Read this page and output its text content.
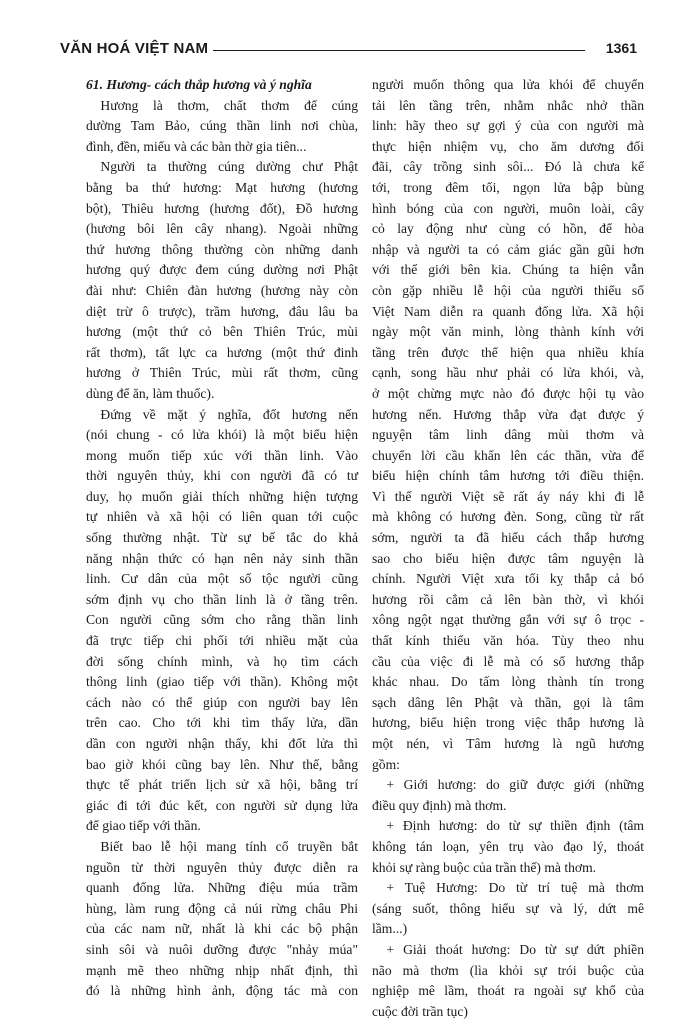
VĂN HOÁ VIỆT NAM	1361
61. Hương- cách thắp hương và ý nghĩa
Hương là thơm, chất thơm để cúng
dường Tam Bảo, cúng thần linh nơi chùa,
đình, đền, miếu và các bàn thờ gia tiên...
Người ta thường cúng dường chư Phật
bằng ba thứ hương: Mạt hương (hương
bột), Thiêu hương (hương đốt), Đồ hương
(hương bôi lên cây nhang). Ngoài những
thứ hương thông thường còn những danh
hương quý được đem cúng dường nơi Phật
đài như: Chiên đàn hương (hương này còn
diệt trừ ô trược), trầm hương, đâu lâu ba
hương (một thứ cỏ bên Thiên Trúc, mùi
rất thơm), tất lực ca hương (một thứ đinh
hương ở Thiên Trúc, mùi rất thơm, cũng
dùng để ăn, làm thuốc).
Đứng về mặt ý nghĩa, đốt hương nến
(nói chung - có lửa khói) là một biểu hiện
mong muốn tiếp xúc với thần linh. Vào
thời nguyên thủy, khi con người đã có tư
duy, họ muốn giải thích những hiện tượng
tự nhiên và xã hội có liên quan tới cuộc
sống thường nhật. Từ sự bế tắc do khả
năng nhận thức có hạn nên nảy sinh thần
linh. Cư dân của một số tộc người cũng
sớm định vụ cho thần linh là ở tầng trên.
Con người cũng sớm cho rằng thần linh
đã trực tiếp chi phối tới nhiều mặt của
đời sống chính mình, và họ tìm cách
thông linh (giao tiếp với thần). Không một
cách nào có thể giúp con người bay lên
trên cao. Cho tới khi tìm thấy lửa, dần
dần con người nhận thấy, khi đốt lửa thì
bao giờ khói cũng bay lên. Như thế, bằng
thực tế phát triển lịch sử xã hội, bằng trí
giác đi tới đúc kết, con người sử dụng lửa
để giao tiếp với thần.
Biết bao lễ hội mang tính cổ truyền bắt
nguồn từ thời nguyên thủy được diễn ra
quanh đống lửa. Những điệu múa trầm
hùng, làm rung động cả núi rừng châu Phi
của các nam nữ, nhất là khi các bộ phận
sinh sôi và nuôi dưỡng được "nhảy múa"
mạnh mẽ theo những nhịp nhất định, thì
đó là những hình ảnh, động tác mà con
người muốn thông qua lửa khói để chuyển
tải lên tầng trên, nhằm nhắc nhở thần
linh: hãy theo sự gợi ý của con người mà
thực hiện nhiệm vụ, cho ăm dương đối
đãi, cây trồng sinh sôi... Đó là chưa kể
tới, trong đêm tối, ngọn lửa bập bùng
hình bóng của con người, muôn loài, cây
cỏ lay động như cùng có hồn, để hòa
nhập và người ta có cảm giác gần gũi hơn
với thế giới bên kia. Chúng ta hiện vẫn
còn gặp nhiều lễ hội của người thiểu số
Việt Nam diễn ra quanh đống lửa. Xã hội
ngày một văn minh, lòng thành kính với
tầng trên được thể hiện qua nhiều khía
cạnh, song hầu như phải có lửa khói, và,
ở một chừng mực nào đó được hội tụ vào
hương nến. Hương thắp vừa đạt được ý
nguyện tâm linh dâng mùi thơm và
chuyển lời cầu khẩn lên các thần, vừa để
biểu hiện chính tâm hương tới điều thiện.
Vì thế người Việt sẽ rất áy náy khi đi lễ
mà không có hương đèn. Song, cũng từ rất
sớm, người ta đã hiểu cách thắp hương
sao cho biểu hiện được tâm nguyện là
chính. Người Việt xưa tối kỵ thắp cả bó
hương rồi cắm cả lên bàn thờ, vì khói
xông ngột ngạt thường gắn với sự ô trọc -
thất kính thiếu văn hóa. Tùy theo nhu
cầu của việc đi lễ mà có số hương thắp
khác nhau. Do tấm lòng thành tín trong
sạch dâng lên Phật và thần, gọi là tâm
hương, biểu hiện trong việc thắp hương là
một nén, vì Tâm hương là ngũ hương
gồm:
+ Giới hương: do giữ được giới (những
điều quy định) mà thơm.
+ Định hương: do từ sự thiền định (tâm
không tán loạn, yên trụ vào đạo lý, thoát
khỏi sự ràng buộc của trần thế) mà thơm.
+ Tuệ Hương: Do từ trí tuệ mà thơm
(sáng suốt, thông hiểu sự và lý, dứt mê
lầm...)
+ Giải thoát hương: Do từ sự dứt phiền
não mà thơm (lìa khỏi sự trói buộc của
nghiệp mê lầm, thoát ra ngoài sự khổ của
cuộc đời trần tục)
